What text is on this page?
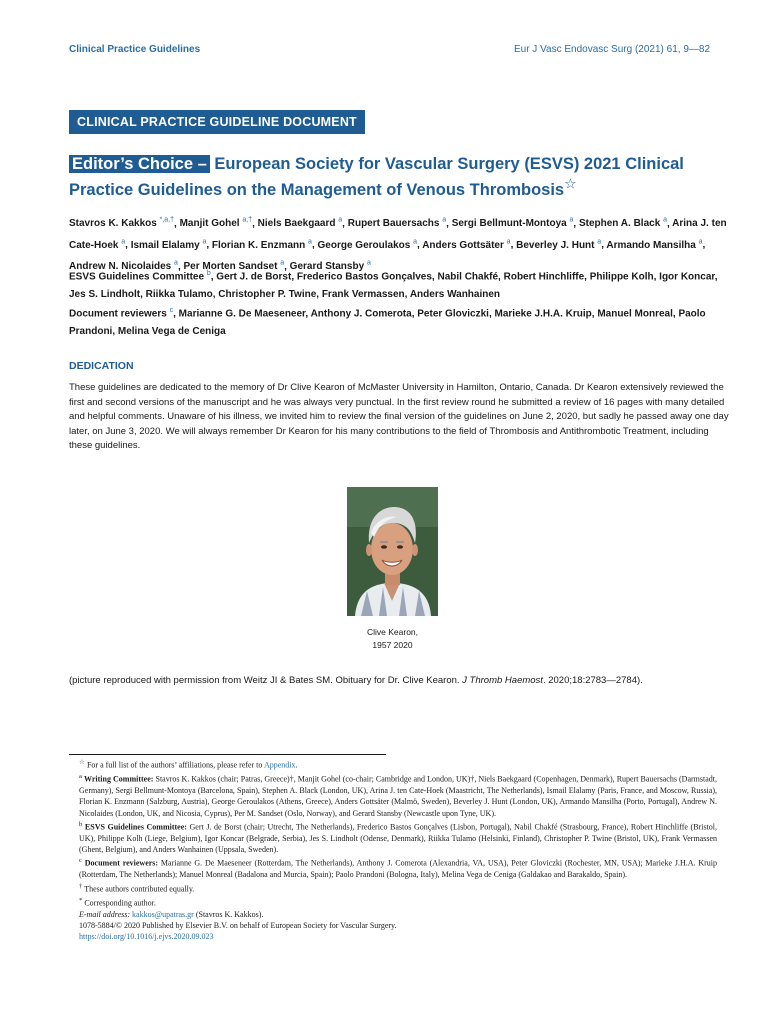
Clinical Practice Guidelines	Eur J Vasc Endovasc Surg (2021) 61, 9—82
CLINICAL PRACTICE GUIDELINE DOCUMENT
Editor’s Choice – European Society for Vascular Surgery (ESVS) 2021 Clinical Practice Guidelines on the Management of Venous Thrombosis☆
Stavros K. Kakkos $^{*,a,\dagger}$, Manjit Gohel $^{a,\dagger}$, Niels Baekgaard $^a$, Rupert Bauersachs $^a$, Sergi Bellmunt-Montoya $^a$, Stephen A. Black $^a$, Arina J. ten Cate-Hoek $^a$, Ismail Elalamy $^a$, Florian K. Enzmann $^a$, George Geroulakos $^a$, Anders Gottsäter $^a$, Beverley J. Hunt $^a$, Armando Mansilha $^a$, Andrew N. Nicolaides $^a$, Per Morten Sandset $^a$, Gerard Stansby $^a$
ESVS Guidelines Committee $^b$, Gert J. de Borst, Frederico Bastos Gonçalves, Nabil Chakfé, Robert Hinchliffe, Philippe Kolh, Igor Koncar, Jes S. Lindholt, Riikka Tulamo, Christopher P. Twine, Frank Vermassen, Anders Wanhainen
Document reviewers $^c$, Marianne G. De Maeseneer, Anthony J. Comerota, Peter Gloviczki, Marieke J.H.A. Kruip, Manuel Monreal, Paolo Prandoni, Melina Vega de Ceniga
DEDICATION
These guidelines are dedicated to the memory of Dr Clive Kearon of McMaster University in Hamilton, Ontario, Canada. Dr Kearon extensively reviewed the first and second versions of the manuscript and he was always very punctual. In the first review round he submitted a review of 16 pages with many detailed and helpful comments. Unaware of his illness, we invited him to review the final version of the guidelines on June 2, 2020, but sadly he passed away one day later, on June 3, 2020. We will always remember Dr Kearon for his many contributions to the field of Thrombosis and Antithrombotic Treatment, including these guidelines.
Clive Kearon,
1957 2020
(picture reproduced with permission from Weitz JI & Bates SM. Obituary for Dr. Clive Kearon. J Thromb Haemost. 2020;18:2783—2784).

☆ For a full list of the authors’ affiliations, please refer to Appendix.

$^a$ Writing Committee: Stavros K. Kakkos (chair; Patras, Greece)†, Manjit Gohel (co-chair; Cambridge and London, UK)†, Niels Baekgaard (Copenhagen, Denmark), Rupert Bauersachs (Darmstadt, Germany), Sergi Bellmunt-Montoya (Barcelona, Spain), Stephen A. Black (London, UK), Arina J. ten Cate-Hoek (Maastricht, The Netherlands), Ismail Elalamy (Paris, France, and Moscow, Russia), Florian K. Enzmann (Salzburg, Austria), George Geroulakos (Athens, Greece), Anders Gottsäter (Malmö, Sweden), Beverley J. Hunt (London, UK), Armando Mansilha (Porto, Portugal), Andrew N. Nicolaides (London, UK, and Nicosia, Cyprus), Per M. Sandset (Oslo, Norway), and Gerard Stansby (Newcastle upon Tyne, UK).

$^b$ ESVS Guidelines Committee: Gert J. de Borst (chair; Utrecht, The Netherlands), Frederico Bastos Gonçalves (Lisbon, Portugal), Nabil Chakfé (Strasbourg, France), Robert Hinchliffe (Bristol, UK), Philippe Kolh (Liege, Belgium), Igor Koncar (Belgrade, Serbia), Jes S. Lindholt (Odense, Denmark), Riikka Tulamo (Helsinki, Finland), Christopher P. Twine (Bristol, UK), Frank Vermassen (Ghent, Belgium), and Anders Wanhainen (Uppsala, Sweden).

$^c$ Document reviewers: Marianne G. De Maeseneer (Rotterdam, The Netherlands), Anthony J. Comerota (Alexandria, VA, USA), Peter Gloviczki (Rochester, MN, USA); Marieke J.H.A. Kruip (Rotterdam, The Netherlands); Manuel Monreal (Badalona and Murcia, Spain); Paolo Prandoni (Bologna, Italy), Melina Vega de Ceniga (Galdakao and Barakaldo, Spain).

† These authors contributed equally.

* Corresponding author.

E-mail address: kakkos@upatras.gr (Stavros K. Kakkos).

1078-5884/© 2020 Published by Elsevier B.V. on behalf of European Society for Vascular Surgery.

https://doi.org/10.1016/j.ejvs.2020.09.023
